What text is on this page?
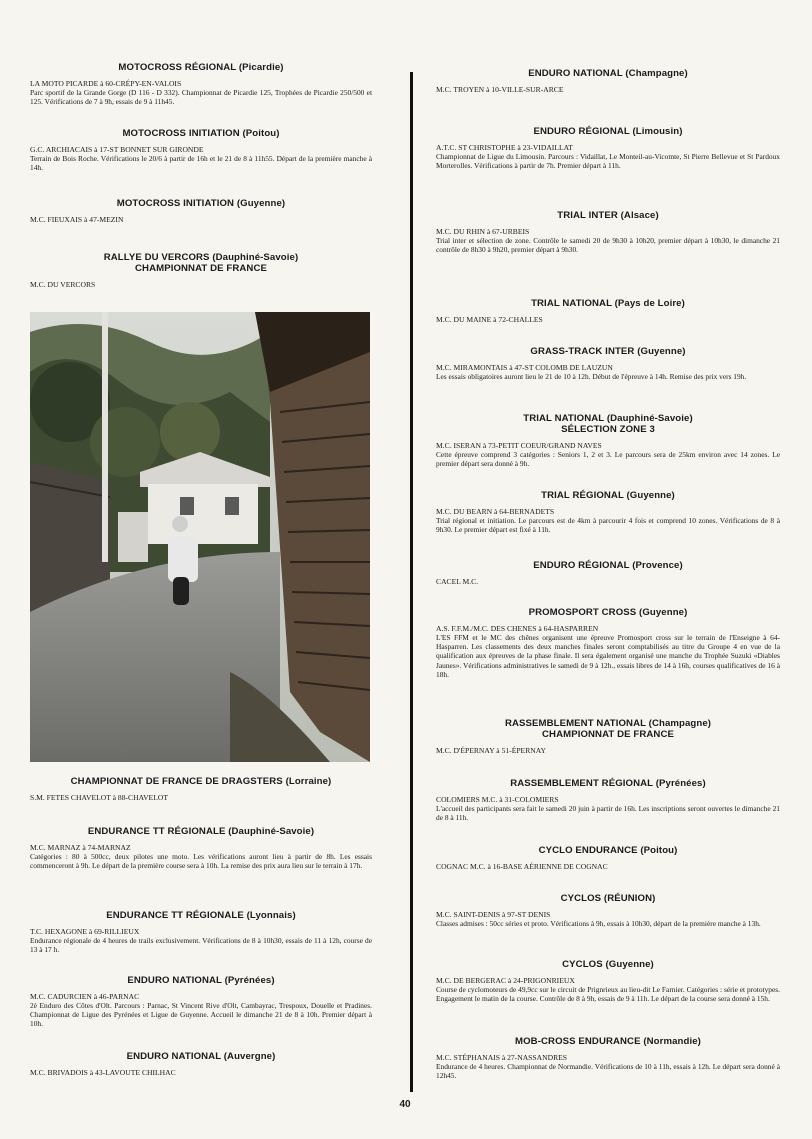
MOTOCROSS RÉGIONAL (Picardie)
LA MOTO PICARDE à 60-CRÉPY-EN-VALOIS
Parc sportif de la Grande Gorge (D 116 - D 332). Championnat de Picardie 125, Trophées de Picardie 250/500 et 125. Vérifications de 7 à 9h, essais de 9 à 11h45.
MOTOCROSS INITIATION (Poitou)
G.C. ARCHIACAIS à 17-ST BONNET SUR GIRONDE
Terrain de Bois Roche. Vérifications le 20/6 à partir de 16h et le 21 de 8 à 11h55. Départ de la première manche à 14h.
MOTOCROSS INITIATION (Guyenne)
M.C. FIEUXAIS à 47-MEZIN
RALLYE DU VERCORS (Dauphiné-Savoie)
CHAMPIONNAT DE FRANCE
M.C. DU VERCORS
CHAMPIONNAT DE FRANCE DE DRAGSTERS (Lorraine)
S.M. FETES CHAVELOT à 88-CHAVELOT
ENDURANCE TT RÉGIONALE (Dauphiné-Savoie)
M.C. MARNAZ à 74-MARNAZ
Catégories : 80 à 500cc, deux pilotes une moto. Les vérifications auront lieu à partir de 8h. Les essais commenceront à 9h. Le départ de la première course sera à 10h. La remise des prix aura lieu sur le terrain à 17h.
ENDURANCE TT RÉGIONALE (Lyonnais)
T.C. HEXAGONE à 69-RILLIEUX
Endurance régionale de 4 heures de trails exclusivement. Vérifications de 8 à 10h30, essais de 11 à 12h, course de 13 à 17 h.
ENDURO NATIONAL (Pyrénées)
M.C. CADURCIEN à 46-PARNAC
2è Enduro des Côtes d'Olt. Parcours : Parnac, St Vincent Rive d'Olt, Cambayrac, Trespoux, Douelle et Pradines. Championnat de Ligue des Pyrénées et Ligue de Guyenne. Accueil le dimanche 21 de 8 à 10h. Premier départ à 10h.
ENDURO NATIONAL (Auvergne)
M.C. BRIVADOIS à 43-LAVOUTE CHILHAC
ENDURO NATIONAL (Champagne)
M.C. TROYEN à 10-VILLE-SUR-ARCE
ENDURO RÉGIONAL (Limousin)
A.T.C. ST CHRISTOPHE à 23-VIDAILLAT
Championnat de Ligue du Limousin. Parcours : Vidaillat, Le Monteil-au-Vicomte, St Pierre Bellevue et St Pardoux Morterolles. Vérifications à partir de 7h. Premier départ à 11h.
TRIAL INTER (Alsace)
M.C. DU RHIN à 67-URBEIS
Trial inter et sélection de zone. Contrôle le samedi 20 de 9h30 à 10h20, premier départ à 10h30, le dimanche 21 contrôle de 8h30 à 9h20, premier départ à 9h30.
TRIAL NATIONAL (Pays de Loire)
M.C. DU MAINE à 72-CHALLES
GRASS-TRACK INTER (Guyenne)
M.C. MIRAMONTAIS à 47-ST COLOMB DE LAUZUN
Les essais obligatoires auront lieu le 21 de 10 à 12h. Début de l'épreuve à 14h. Remise des prix vers 19h.
TRIAL NATIONAL (Dauphiné-Savoie)
SÉLECTION ZONE 3
M.C. ISERAN à 73-PETIT COEUR/GRAND NAVES
Cette épreuve comprend 3 catégories : Seniors 1, 2 et 3. Le parcours sera de 25km environ avec 14 zones. Le premier départ sera donné à 9h.
TRIAL RÉGIONAL (Guyenne)
M.C. DU BEARN à 64-BERNADETS
Trial régional et initiation. Le parcours est de 4km à parcourir 4 fois et comprend 10 zones. Vérifications de 8 à 9h30. Le premier départ est fixé à 11h.
ENDURO RÉGIONAL (Provence)
CACEL M.C.
PROMOSPORT CROSS (Guyenne)
A.S. F.F.M./M.C. DES CHENES à 64-HASPARREN
L'ES FFM et le MC des chênes organisent une épreuve Promosport cross sur le terrain de l'Enseigne à 64-Hasparren. Les classements des deux manches finales seront comptabilisés au titre du Groupe 4 en vue de la qualification aux épreuves de la phase finale. Il sera également organisé une manche du Trophée Suzuki «Diables Jaunes». Vérifications administratives le samedi de 9 à 12h., essais libres de 14 à 16h, courses qualificatives de 16 à 18h.
RASSEMBLEMENT NATIONAL (Champagne)
CHAMPIONNAT DE FRANCE
M.C. D'ÉPERNAY à 51-ÉPERNAY
RASSEMBLEMENT RÉGIONAL (Pyrénées)
COLOMIERS M.C. à 31-COLOMIERS
L'accueil des participants sera fait le samedi 20 juin à partir de 16h. Les inscriptions seront ouvertes le dimanche 21 de 8 à 11h.
CYCLO ENDURANCE (Poitou)
COGNAC M.C. à 16-BASE AÉRIENNE DE COGNAC
CYCLOS (RÉUNION)
M.C. SAINT-DENIS à 97-ST DENIS
Classes admises : 50cc séries et proto. Vérifications à 9h, essais à 10h30, départ de la première manche à 13h.
CYCLOS (Guyenne)
M.C. DE BERGERAC à 24-PRIGONRIEUX
Course de cyclomoteurs de 49,9cc sur le circuit de Prignrieux au lieu-dit Le Farnier. Catégories : série et prototypes. Engagement le matin de la course. Contrôle de 8 à 9h, essais de 9 à 11h. Le départ de la course sera donné à 15h.
MOB-CROSS ENDURANCE (Normandie)
M.C. STÉPHANAIS à 27-NASSANDRES
Endurance de 4 heures. Championnat de Normandie. Vérifications de 10 à 11h, essais à 12h. Le départ sera donné à 12h45.
40
